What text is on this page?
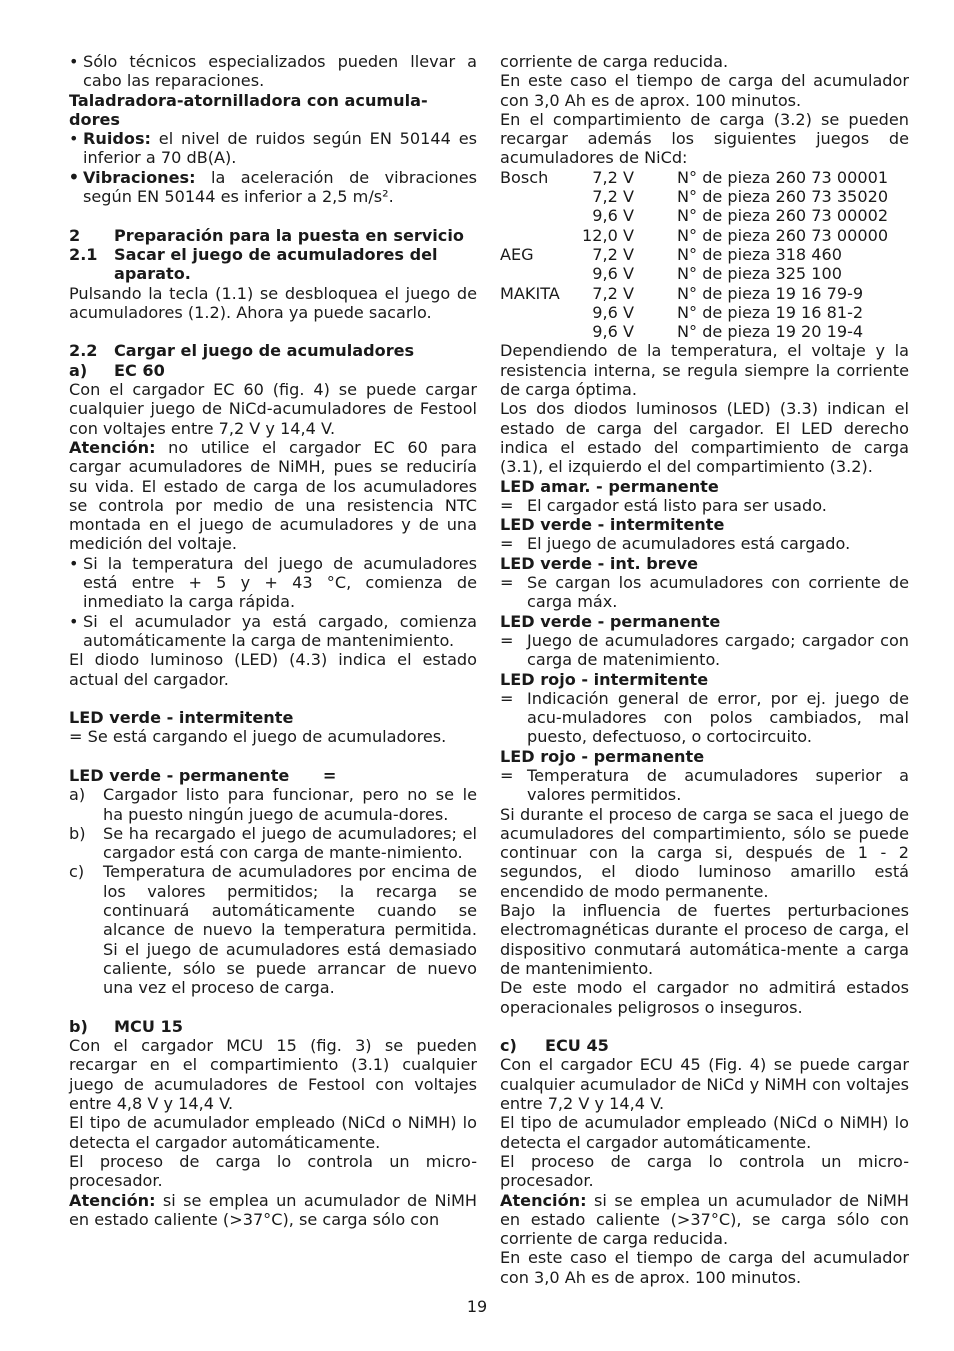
• Sólo técnicos especializados pueden llevar a cabo las reparaciones.

Taladradora-atornilladora con acumula-dores

• Ruidos: el nivel de ruidos según EN 50144 es inferior a 70 dB(A).

• Vibraciones: la aceleración de vibraciones según EN 50144 es inferior a 2,5 m/s².

2 Preparación para la puesta en servicio

2.1 Sacar el juego de acumuladores del aparato.

Pulsando la tecla (1.1) se desbloquea el juego de acumuladores (1.2). Ahora ya puede sacarlo.

2.2 Cargar el juego de acumuladores

a) EC 60

Con el cargador EC 60 (fig. 4) se puede cargar cualquier juego de NiCd-acumuladores de Festool con voltajes entre 7,2 V y 14,4 V.

Atención: no utilice el cargador EC 60 para cargar acumuladores de NiMH, pues se reduciría su vida. El estado de carga de los acumuladores se controla por medio de una resistencia NTC montada en el juego de acumuladores y de una medición del voltaje.

• Si la temperatura del juego de acumuladores está entre + 5 y + 43 °C, comienza de inmediato la carga rápida.

• Si el acumulador ya está cargado, comienza automáticamente la carga de mantenimiento.

El diodo luminoso (LED) (4.3) indica el estado actual del cargador.

LED verde - intermitente

= Se está cargando el juego de acumuladores.

LED verde - permanente      =

a) Cargador listo para funcionar, pero no se le ha puesto ningún juego de acumula-dores.

b) Se ha recargado el juego de acumuladores; el cargador está con carga de mante-nimiento.

c) Temperatura de acumuladores por encima de los valores permitidos; la recarga se continuará automáticamente cuando se alcance de nuevo la temperatura permitida. Si el juego de acumuladores está demasiado caliente, sólo se puede arrancar de nuevo una vez el proceso de carga.

b) MCU 15

Con el cargador MCU 15 (fig. 3) se pueden recargar en el compartimiento (3.1) cualquier juego de acumuladores de Festool con voltajes entre 4,8 V y 14,4 V.

El tipo de acumulador empleado (NiCd o NiMH) lo detecta el cargador automáticamente.

El proceso de carga lo controla un micro-procesador.

Atención: si se emplea un acumulador de NiMH en estado caliente (>37°C), se carga sólo con

corriente de carga reducida.

En este caso el tiempo de carga del acumulador con 3,0 Ah es de aprox. 100 minutos.

En el compartimiento de carga (3.2) se pueden recargar además los siguientes juegos de acumuladores de NiCd:

Bosch	7,2 V	N° de pieza 260 73 00001
	7,2 V	N° de pieza 260 73 35020
	9,6 V	N° de pieza 260 73 00002
	12,0 V	N° de pieza 260 73 00000
AEG	7,2 V	N° de pieza 318 460
	9,6 V	N° de pieza 325 100
MAKITA	7,2 V	N° de pieza 19 16 79-9
	9,6 V	N° de pieza 19 16 81-2
	9,6 V	N° de pieza 19 20 19-4

Dependiendo de la temperatura, el voltaje y la resistencia interna, se regula siempre la corriente de carga óptima.

Los dos diodos luminosos (LED) (3.3) indican el estado de carga del cargador. El LED derecho indica el estado del compartimiento de carga (3.1), el izquierdo el del compartimiento (3.2).

LED amar. - permanente

= El cargador está listo para ser usado.

LED verde - intermitente

= El juego de acumuladores está cargado.

LED verde - int. breve

= Se cargan los acumuladores con corriente de carga máx.

LED verde - permanente

= Juego de acumuladores cargado; cargador con carga de matenimiento.

LED rojo - intermitente

= Indicación general de error, por ej. juego de acu-muladores con polos cambiados, mal puesto, defectuoso, o cortocircuito.

LED rojo - permanente

= Temperatura de acumuladores superior a valores permitidos.

Si durante el proceso de carga se saca el juego de acumuladores del compartimiento, sólo se puede continuar con la carga si, después de 1 - 2 segundos, el diodo luminoso amarillo está encendido de modo permanente.

Bajo la influencia de fuertes perturbaciones electromagnéticas durante el proceso de carga, el dispositivo conmutará automática-mente a carga de mantenimiento.

De este modo el cargador no admitirá estados operacionales peligrosos o inseguros.

c) ECU 45

Con el cargador ECU 45 (Fig. 4) se puede cargar cualquier acumulador de NiCd y NiMH con voltajes entre 7,2 V y 14,4 V.

El tipo de acumulador empleado (NiCd o NiMH) lo detecta el cargador automáticamente.

El proceso de carga lo controla un micro-procesador.

Atención: si se emplea un acumulador de NiMH en estado caliente (>37°C), se carga sólo con corriente de carga reducida.

En este caso el tiempo de carga del acumulador con 3,0 Ah es de aprox. 100 minutos.

19
